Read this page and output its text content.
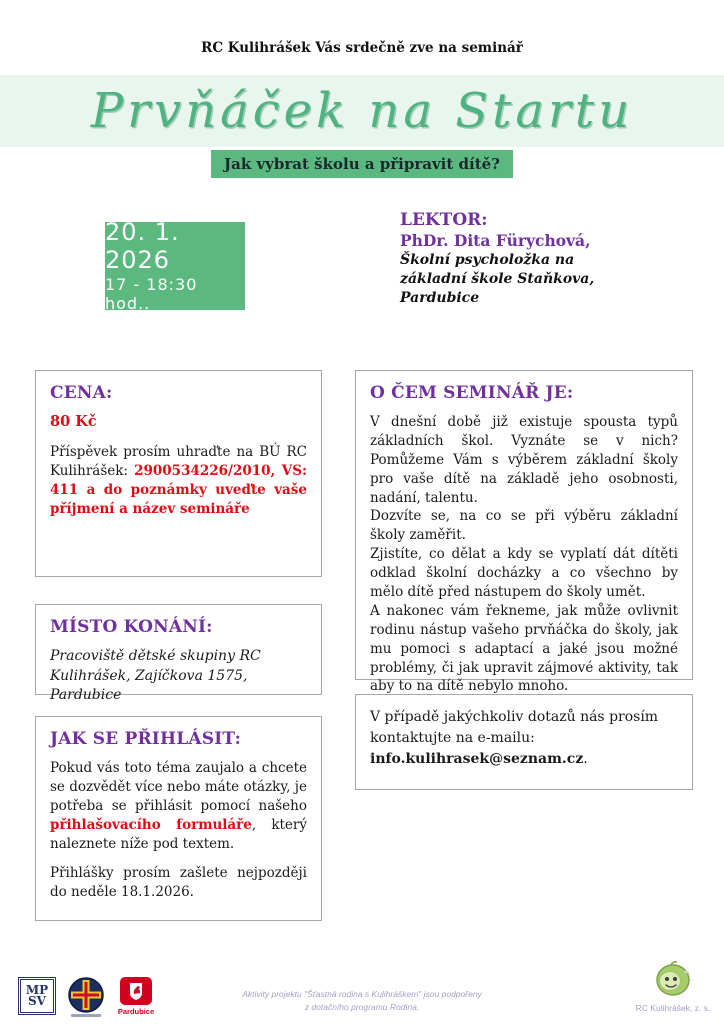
RC Kulihrášek Vás srdečně zve na seminář
Prvňáček na Startu
Jak vybrat školu a připravit dítě?
20. 1. 2026
17 - 18:30 hod..
LEKTOR:
PhDr. Dita Fürychová,
Školní psycholožka na základní škole Staňkova, Pardubice
CENA:
80 Kč

Příspěvek prosím uhraďte na BÚ RC Kulihrášek: 2900534226/2010, VS: 411 a do poznámky uveďte vaše příjmení a název semináře

MÍSTO KONÁNÍ:

Pracoviště dětské skupiny RC Kulihrášek, Zajíčkova 1575, Pardubice

JAK SE PŘIHLÁSIT:

Pokud vás toto téma zaujalo a chcete se dozvědět více nebo máte otázky, je potřeba se přihlásit pomocí našeho přihlašovacího formuláře, který naleznete níže pod textem.

Přihlášky prosím zašlete nejpozději do neděle 18.1.2026.

O ČEM SEMINÁŘ JE:

V dnešní době již existuje spousta typů základních škol. Vyznáte se v nich? Pomůžeme Vám s výběrem základní školy pro vaše dítě na základě jeho osobnosti, nadání, talentu.

Dozvíte se, na co se při výběru základní školy zaměřit.

Zjistíte, co dělat a kdy se vyplatí dát dítěti odklad školní docházky a co všechno by mělo dítě před nástupem do školy umět.

A nakonec vám řekneme, jak může ovlivnit rodinu nástup vašeho prvňáčka do školy, jak mu pomoci s adaptací a jaké jsou možné problémy, či jak upravit zájmové aktivity, tak aby to na dítě nebylo mnoho.

V případě jakýchkoliv dotazů nás prosím kontaktujte na e-mailu: info.kulihrasek@seznam.cz.

MP
SV
Pardubice
Aktivity projektu "Šťastná rodina s Kulihráškem" jsou podpořeny
z dotačního programu Rodina.	RC Kulihrášek, z. s.
